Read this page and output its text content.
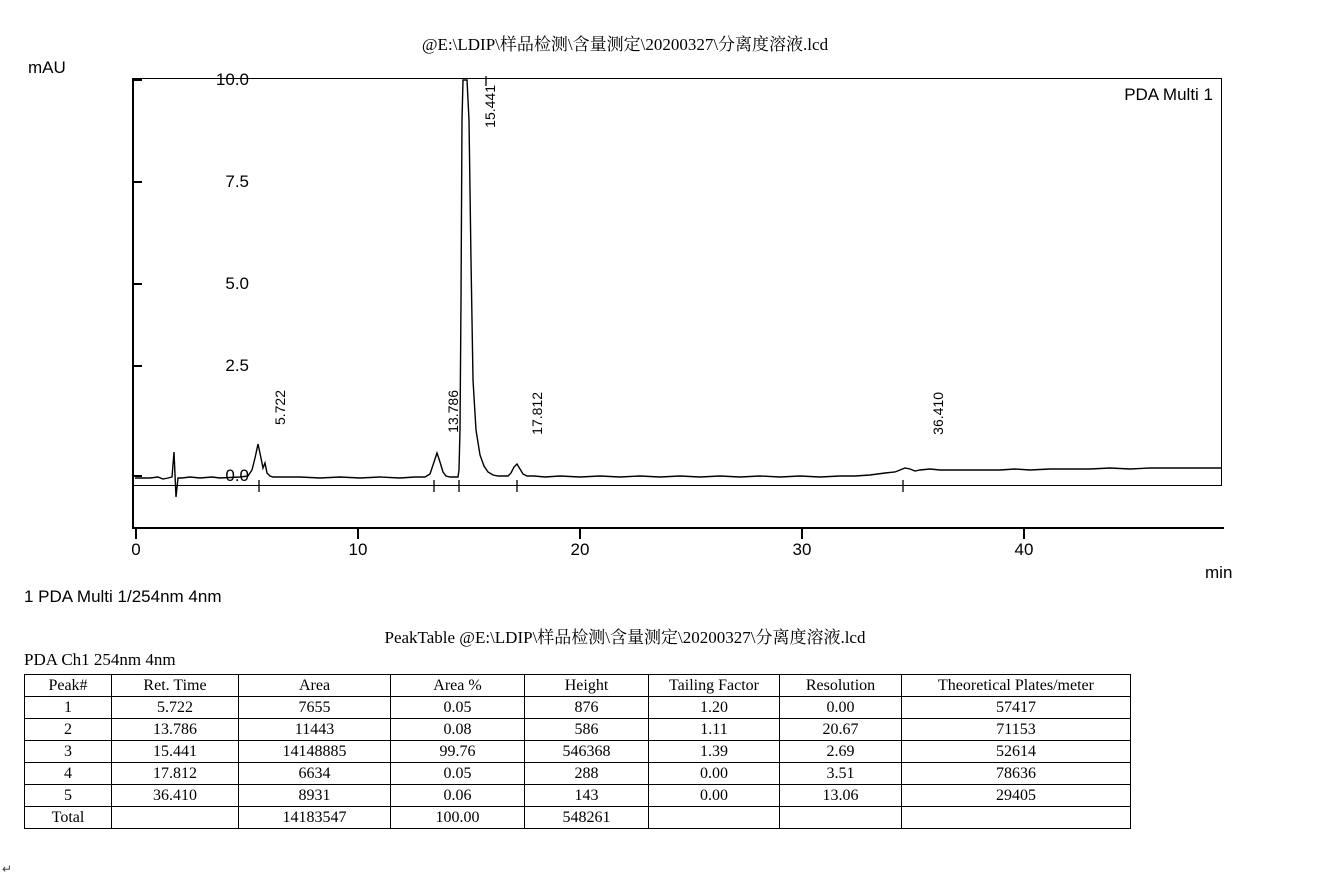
@E:\LDIP\样品检测\含量测定\20200327\分离度溶液.lcd
mAU
PDA Multi 1
10.0
7.5
5.0
2.5
0.0
0	10	20	30	40
min
5.722	13.786
15.441
17.812	36.410
1 PDA Multi 1/254nm 4nm
PeakTable @E:\LDIP\样品检测\含量测定\20200327\分离度溶液.lcd
PDA Ch1 254nm 4nm
Peak#	Ret. Time	Area	Area %	Height	Tailing Factor	Resolution	Theoretical Plates/meter
1	5.722	7655	0.05	876	1.20	0.00	57417
2	13.786	11443	0.08	586	1.11	20.67	71153
3	15.441	14148885	99.76	546368	1.39	2.69	52614
4	17.812	6634	0.05	288	0.00	3.51	78636
5	36.410	8931	0.06	143	0.00	13.06	29405
Total		14183547	100.00	548261			
↵
